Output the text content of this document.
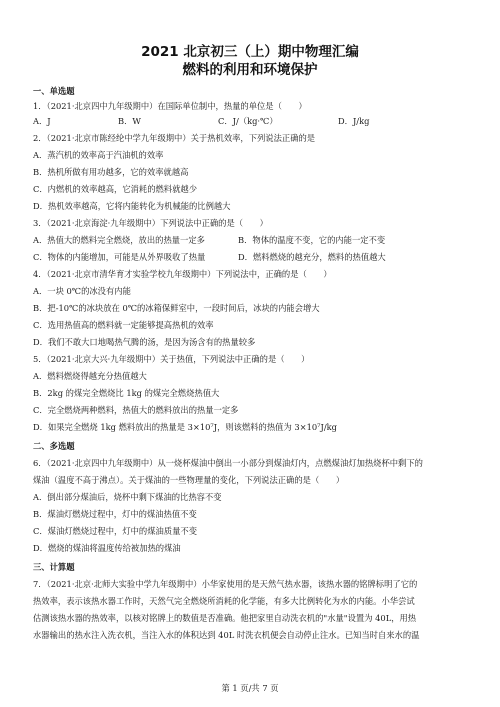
2021 北京初三（上）期中物理汇编
燃料的利用和环境保护
一、单选题
1．（2021·北京四中九年级期中）在国际单位制中，热量的单位是（　　）
A．J	B．W	C．J/（kg·℃）	D．J/kg
2．（2021·北京市陈经纶中学九年级期中）关于热机效率，下列说法正确的是
A．蒸汽机的效率高于汽油机的效率
B．热机所做有用功越多，它的效率就越高
C．内燃机的效率越高，它消耗的燃料就越少
D．热机效率越高，它将内能转化为机械能的比例越大
3．（2021·北京海淀·九年级期中）下列说法中正确的是（　　）
A．热值大的燃料完全燃烧，放出的热量一定多	B．物体的温度不变，它的内能一定不变
C．物体的内能增加，可能是从外界吸收了热量	D．燃料燃烧的越充分，燃料的热值越大
4．（2021·北京市清华育才实验学校九年级期中）下列说法中，正确的是（　　）
A．一块 0℃的冰没有内能
B．把-10℃的冰块放在 0℃的冰箱保鲜室中，一段时间后，冰块的内能会增大
C．选用热值高的燃料就一定能够提高热机的效率
D．我们不敢大口地喝热气腾的汤，是因为汤含有的热量较多
5．（2021·北京大兴·九年级期中）关于热值，下列说法中正确的是（　　）
A．燃料燃烧得越充分热值越大
B．2kg 的煤完全燃烧比 1kg 的煤完全燃烧热值大
C．完全燃烧两种燃料，热值大的燃料放出的热量一定多
D．如果完全燃烧 1kg 燃料放出的热量是 3×10⁷J，则该燃料的热值为 3×10⁷J/kg
二、多选题
6．（2021·北京四中九年级期中）从一烧杯煤油中倒出一小部分到煤油灯内，点燃煤油灯加热烧杯中剩下的
煤油（温度不高于沸点）。关于煤油的一些物理量的变化，下列说法正确的是（　　）
A．倒出部分煤油后，烧杯中剩下煤油的比热容不变
B．煤油灯燃烧过程中，灯中的煤油热值不变
C．煤油灯燃烧过程中，灯中的煤油质量不变
D．燃烧的煤油将温度传给被加热的煤油
三、计算题
7．（2021·北京·北师大实验中学九年级期中）小华家使用的是天然气热水器，该热水器的铭牌标明了它的
热效率，表示该热水器工作时，天然气完全燃烧所消耗的化学能，有多大比例转化为水的内能。小华尝试
估测该热水器的热效率，以核对铭牌上的数值是否准确。他把家里自动洗衣机的"水量"设置为 40L，用热
水器输出的热水注入洗衣机，当注入水的体积达到 40L 时洗衣机便会自动停止注水。已知当时自来水的温
第 1 页/共 7 页
